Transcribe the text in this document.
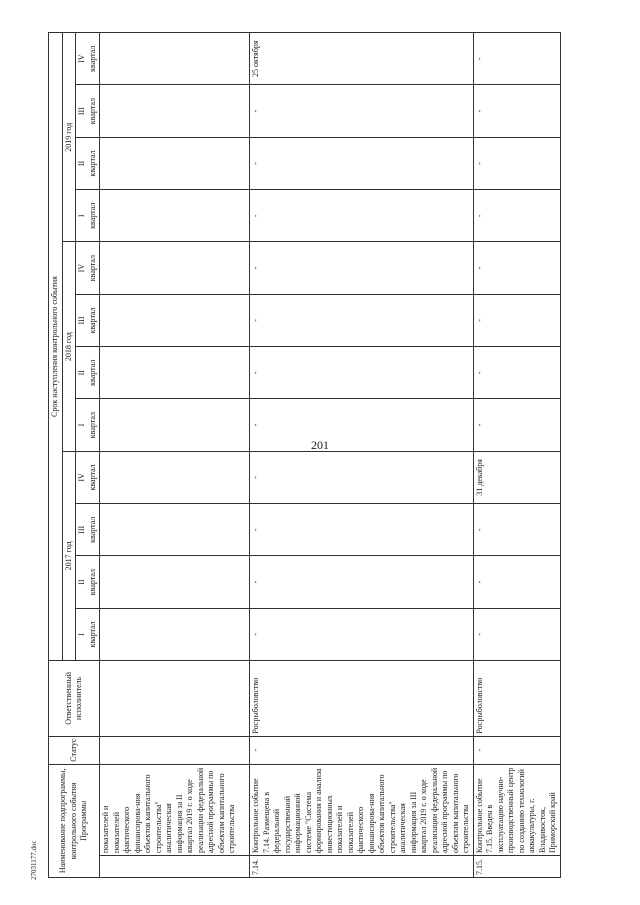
201
Наименование подпрограммы, контрольного события Программы		Статус	Ответственный исполнитель	Срок наступления контрольного события											
				2017 год				2018 год				2019 год			

				I квартал	II квартал	III квартал	IV квартал	I квартал	II квартал	III квартал	IV квартал	I квартал	II квартал	III квартал	IV квартал

	показателей и показателей фактического финансирова-ния объектов капитального строительства" аналитическая информация за II квартал 2019 г. о ходе реализации федеральной адресной программы по объектам капитального строительства														
7.14.	Контрольное событие 7.14. Размещена в федеральной государственной информационной системе "Система формирования и анализа инвестиционных показателей и показателей фактического финансирова-ния объектов капитального строительства" аналитическая информация за III квартал 2019 г. о ходе реализации федеральной адресной программы по объектам капитального строительства	-	Росрыболовство	-	-	-	-	-	-	-	-	-	-	-	25 октября
7.15.	Контрольное событие 7.15. Введен в эксплуатацию научно-производственный центр по созданию технологий аквакультуры, г. Владивосток, Приморский край	-	Росрыболовство	-	-	-	31 декабря	-	-	-	-	-	-	-	-
27031177.doc
